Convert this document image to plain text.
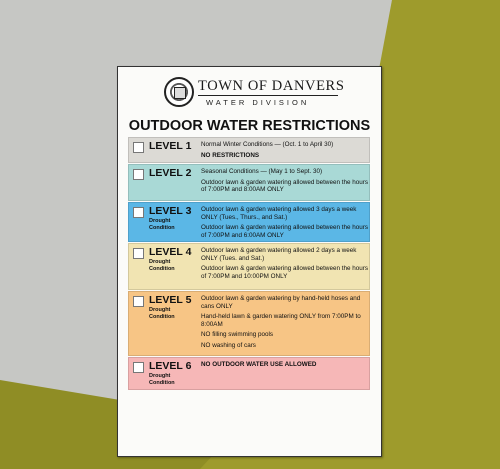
TOWN OF DANVERS
WATER DIVISION
OUTDOOR WATER RESTRICTIONS
LEVEL 1 Normal Winter Conditions — (Oct. 1 to April 30)

NO RESTRICTIONS

LEVEL 2 Seasonal Conditions — (May 1 to Sept. 30)

Outdoor lawn & garden watering allowed between the hours of 7:00PM and 8:00AM ONLY

LEVEL 3
Drought Condition

Outdoor lawn & garden watering allowed 3 days a week ONLY (Tues., Thurs., and Sat.)

Outdoor lawn & garden watering allowed between the hours of 7:00PM and 6:00AM ONLY

LEVEL 4
Drought Condition

Outdoor lawn & garden watering allowed 2 days a week ONLY (Tues. and Sat.)

Outdoor lawn & garden watering allowed between the hours of 7:00PM and 10:00PM ONLY

LEVEL 5
Drought Condition

Outdoor lawn & garden watering by hand-held hoses and cans ONLY

Hand-held lawn & garden watering ONLY from 7:00PM to 8:00AM

NO filling swimming pools

NO washing of cars

LEVEL 6
Drought Condition

NO OUTDOOR WATER USE ALLOWED
